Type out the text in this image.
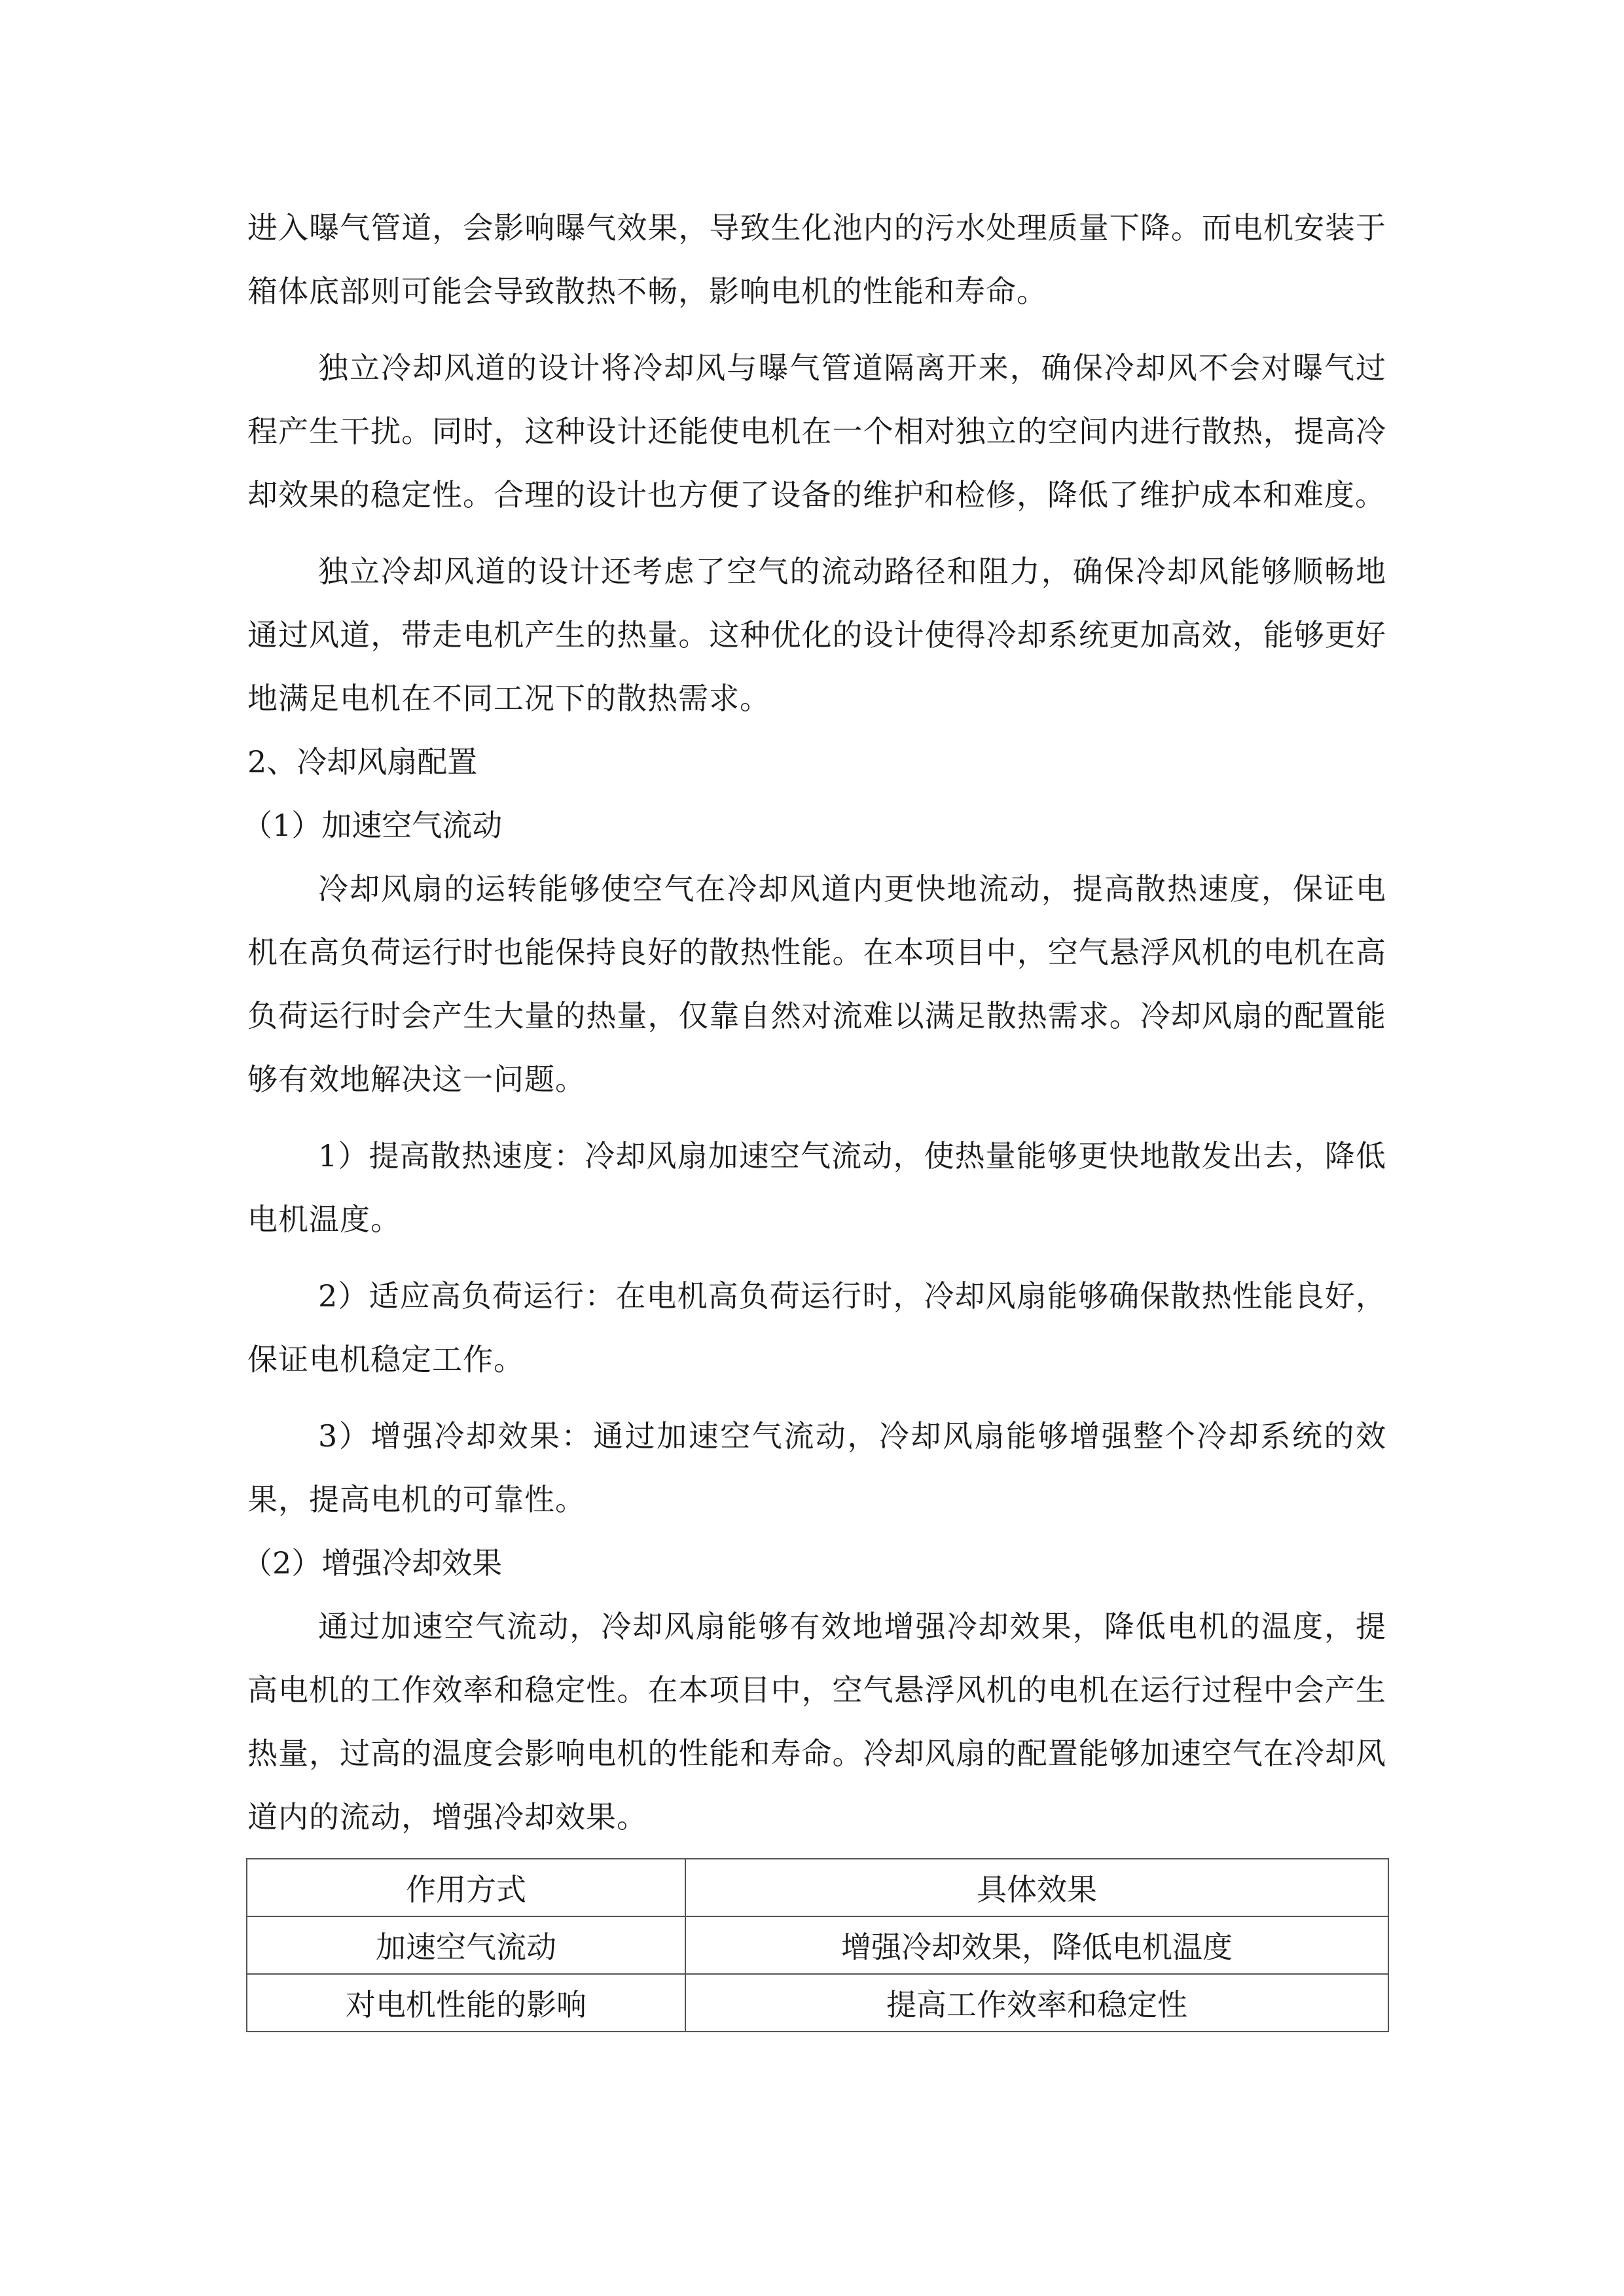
进入曝气管道，会影响曝气效果，导致生化池内的污水处理质量下降。而电机安装于箱体底部则可能会导致散热不畅，影响电机的性能和寿命。

独立冷却风道的设计将冷却风与曝气管道隔离开来，确保冷却风不会对曝气过程产生干扰。同时，这种设计还能使电机在一个相对独立的空间内进行散热，提高冷却效果的稳定性。合理的设计也方便了设备的维护和检修，降低了维护成本和难度。

独立冷却风道的设计还考虑了空气的流动路径和阻力，确保冷却风能够顺畅地通过风道，带走电机产生的热量。这种优化的设计使得冷却系统更加高效，能够更好地满足电机在不同工况下的散热需求。

2、冷却风扇配置

（1）加速空气流动

冷却风扇的运转能够使空气在冷却风道内更快地流动，提高散热速度，保证电机在高负荷运行时也能保持良好的散热性能。在本项目中，空气悬浮风机的电机在高负荷运行时会产生大量的热量，仅靠自然对流难以满足散热需求。冷却风扇的配置能够有效地解决这一问题。

1）提高散热速度：冷却风扇加速空气流动，使热量能够更快地散发出去，降低电机温度。

2）适应高负荷运行：在电机高负荷运行时，冷却风扇能够确保散热性能良好，保证电机稳定工作。

3）增强冷却效果：通过加速空气流动，冷却风扇能够增强整个冷却系统的效果，提高电机的可靠性。

（2）增强冷却效果

通过加速空气流动，冷却风扇能够有效地增强冷却效果，降低电机的温度，提高电机的工作效率和稳定性。在本项目中，空气悬浮风机的电机在运行过程中会产生热量，过高的温度会影响电机的性能和寿命。冷却风扇的配置能够加速空气在冷却风道内的流动，增强冷却效果。

作用方式	具体效果
加速空气流动	增强冷却效果，降低电机温度
对电机性能的影响	提高工作效率和稳定性
